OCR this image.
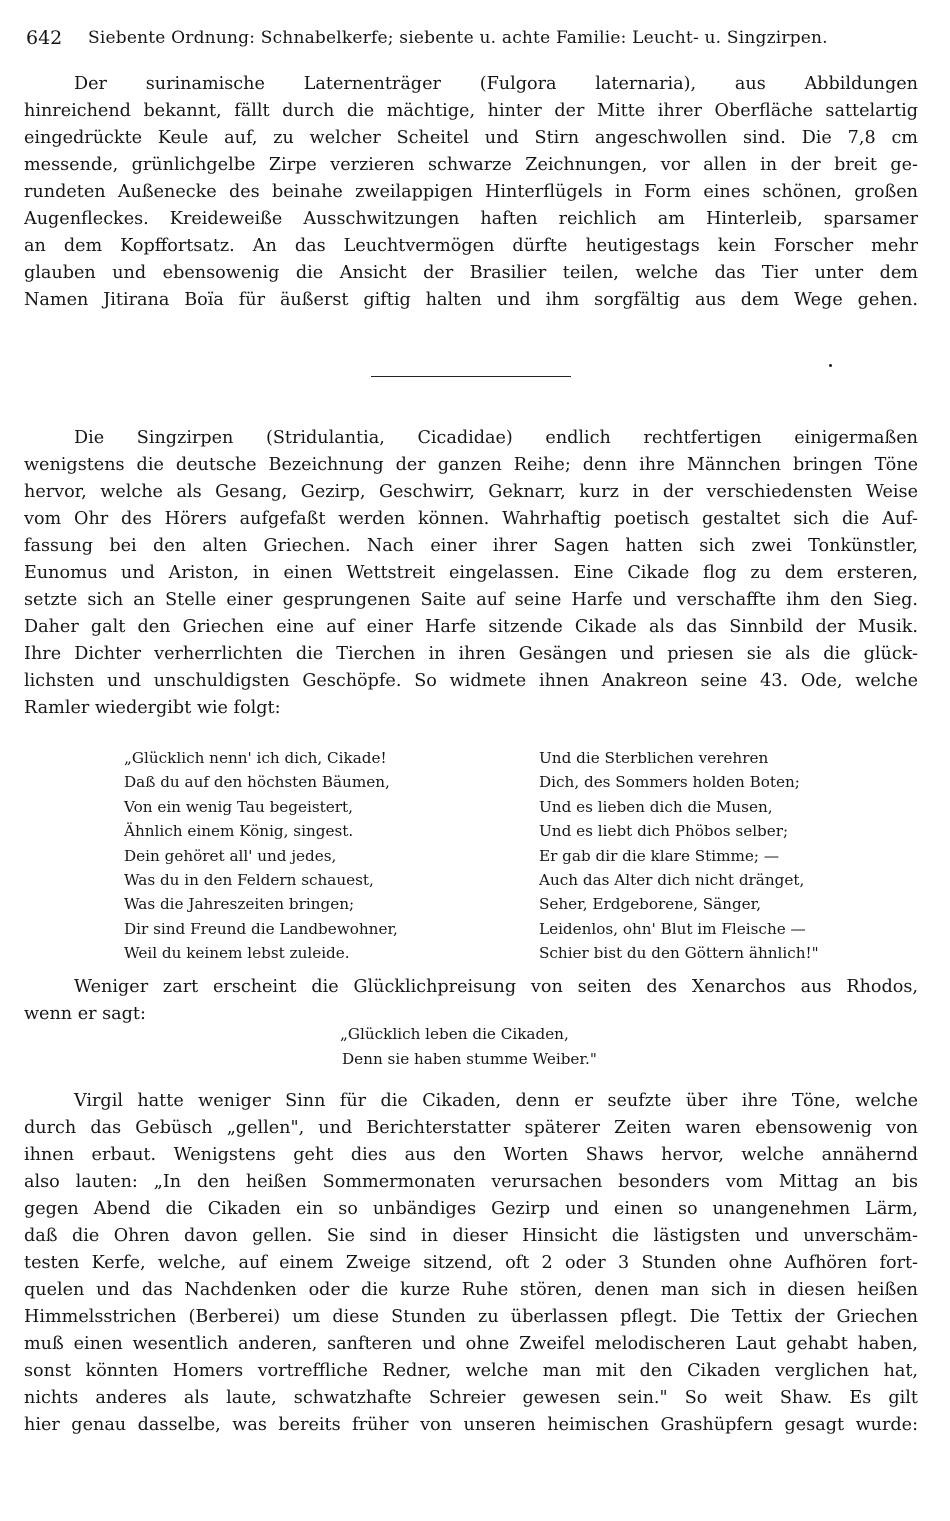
642 Siebente Ordnung: Schnabelkerfe; siebente u. achte Familie: Leucht- u. Singzirpen.
Der surinamische Laternenträger (Fulgora laternaria), aus Abbildungen
hinreichend bekannt, fällt durch die mächtige, hinter der Mitte ihrer Oberfläche sattelartig
eingedrückte Keule auf, zu welcher Scheitel und Stirn angeschwollen sind. Die 7,8 cm
messende, grünlichgelbe Zirpe verzieren schwarze Zeichnungen, vor allen in der breit ge-
rundeten Außenecke des beinahe zweilappigen Hinterflügels in Form eines schönen, großen
Augenfleckes. Kreideweiße Ausschwitzungen haften reichlich am Hinterleib, sparsamer
an dem Kopffortsatz. An das Leuchtvermögen dürfte heutigestags kein Forscher mehr
glauben und ebensowenig die Ansicht der Brasilier teilen, welche das Tier unter dem
Namen Jitirana Boïa für äußerst giftig halten und ihm sorgfältig aus dem Wege gehen.
Die Singzirpen (Stridulantia, Cicadidae) endlich rechtfertigen einigermaßen
wenigstens die deutsche Bezeichnung der ganzen Reihe; denn ihre Männchen bringen Töne
hervor, welche als Gesang, Gezirp, Geschwirr, Geknarr, kurz in der verschiedensten Weise
vom Ohr des Hörers aufgefaßt werden können. Wahrhaftig poetisch gestaltet sich die Auf-
fassung bei den alten Griechen. Nach einer ihrer Sagen hatten sich zwei Tonkünstler,
Eunomus und Ariston, in einen Wettstreit eingelassen. Eine Cikade flog zu dem ersteren,
setzte sich an Stelle einer gesprungenen Saite auf seine Harfe und verschaffte ihm den Sieg.
Daher galt den Griechen eine auf einer Harfe sitzende Cikade als das Sinnbild der Musik.
Ihre Dichter verherrlichten die Tierchen in ihren Gesängen und priesen sie als die glück-
lichsten und unschuldigsten Geschöpfe. So widmete ihnen Anakreon seine 43. Ode, welche
Ramler wiedergibt wie folgt:
„Glücklich nenn' ich dich, Cikade!
Daß du auf den höchsten Bäumen,
Von ein wenig Tau begeistert,
Ähnlich einem König, singest.
Dein gehöret all' und jedes,
Was du in den Feldern schauest,
Was die Jahreszeiten bringen;
Dir sind Freund die Landbewohner,
Weil du keinem lebst zuleide.
Und die Sterblichen verehren
Dich, des Sommers holden Boten;
Und es lieben dich die Musen,
Und es liebt dich Phöbos selber;
Er gab dir die klare Stimme; —
Auch das Alter dich nicht dränget,
Seher, Erdgeborene, Sänger,
Leidenlos, ohn' Blut im Fleische —
Schier bist du den Göttern ähnlich!"
Weniger zart erscheint die Glücklichpreisung von seiten des Xenarchos aus Rhodos,
wenn er sagt:
„Glücklich leben die Cikaden,
Denn sie haben stumme Weiber."
Virgil hatte weniger Sinn für die Cikaden, denn er seufzte über ihre Töne, welche
durch das Gebüsch „gellen", und Berichterstatter späterer Zeiten waren ebensowenig von
ihnen erbaut. Wenigstens geht dies aus den Worten Shaws hervor, welche annähernd
also lauten: „In den heißen Sommermonaten verursachen besonders vom Mittag an bis
gegen Abend die Cikaden ein so unbändiges Gezirp und einen so unangenehmen Lärm,
daß die Ohren davon gellen. Sie sind in dieser Hinsicht die lästigsten und unverschäm-
testen Kerfe, welche, auf einem Zweige sitzend, oft 2 oder 3 Stunden ohne Aufhören fort-
quelen und das Nachdenken oder die kurze Ruhe stören, denen man sich in diesen heißen
Himmelsstrichen (Berberei) um diese Stunden zu überlassen pflegt. Die Tettix der Griechen
muß einen wesentlich anderen, sanfteren und ohne Zweifel melodischeren Laut gehabt haben,
sonst könnten Homers vortreffliche Redner, welche man mit den Cikaden verglichen hat,
nichts anderes als laute, schwatzhafte Schreier gewesen sein." So weit Shaw. Es gilt
hier genau dasselbe, was bereits früher von unseren heimischen Grashüpfern gesagt wurde:
